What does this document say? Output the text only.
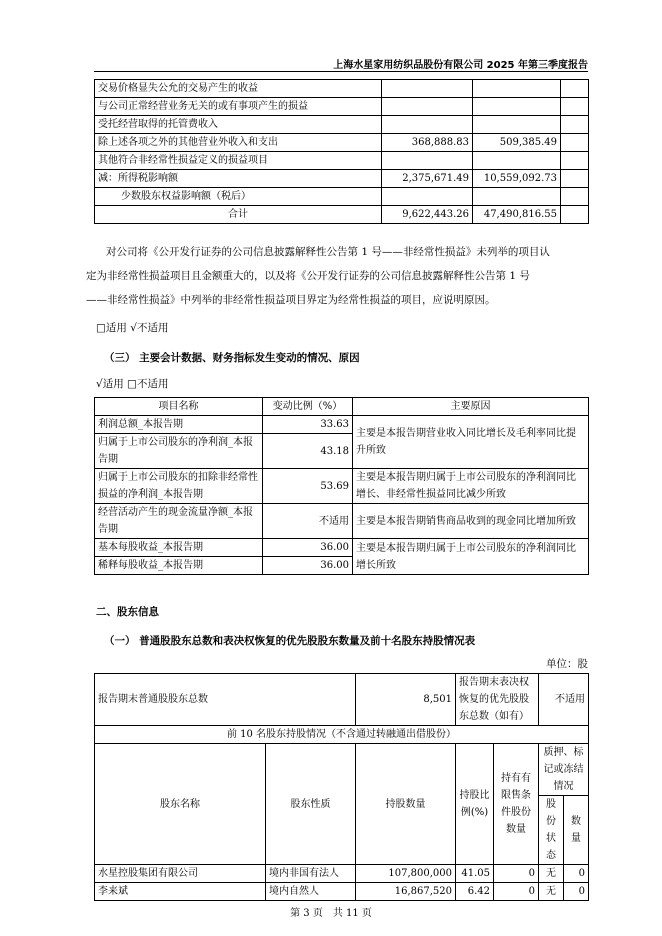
上海水星家用纺织品股份有限公司 2025 年第三季度报告
交易价格显失公允的交易产生的收益			
与公司正常经营业务无关的或有事项产生的损益			
受托经营取得的托管费收入			
除上述各项之外的其他营业外收入和支出	368,888.83	509,385.49	
其他符合非经常性损益定义的损益项目			
减：所得税影响额	2,375,671.49	10,559,092.73	
少数股东权益影响额（税后）			
合计	9,622,443.26	47,490,816.55	
对公司将《公开发行证券的公司信息披露解释性公告第 1 号——非经常性损益》未列举的项目认
定为非经常性损益项目且金额重大的，以及将《公开发行证券的公司信息披露解释性公告第 1 号
——非经常性损益》中列举的非经常性损益项目界定为经常性损益的项目，应说明原因。
□适用 √不适用
（三） 主要会计数据、财务指标发生变动的情况、原因
√适用 □不适用
项目名称	变动比例（%）	主要原因
利润总额_本报告期	33.63	主要是本报告期营业收入同比增长及毛利率同比提升所致
归属于上市公司股东的净利润_本报告期	43.18	
归属于上市公司股东的扣除非经常性损益的净利润_本报告期	53.69	主要是本报告期归属于上市公司股东的净利润同比增长、非经常性损益同比减少所致
经营活动产生的现金流量净额_本报告期	不适用	主要是本报告期销售商品收到的现金同比增加所致
基本每股收益_本报告期	36.00	主要是本报告期归属于上市公司股东的净利润同比增长所致
稀释每股收益_本报告期	36.00	
二、股东信息
（一） 普通股股东总数和表决权恢复的优先股股东数量及前十名股东持股情况表
单位：股
报告期末普通股股东总数		8,501	报告期末表决权恢复的优先股股东总数（如有）		不适用	
前 10 名股东持股情况（不含通过转融通出借股份）						
股东名称	股东性质	持股数量	持股比例(%)	持有有限售条件股份数量	质押、标记或冻结情况	
					股份状态	数量
水星控股集团有限公司	境内非国有法人	107,800,000	41.05	0	无	0
李来斌	境内自然人	16,867,520	6.42	0	无	0
第 3 页　共 11 页
